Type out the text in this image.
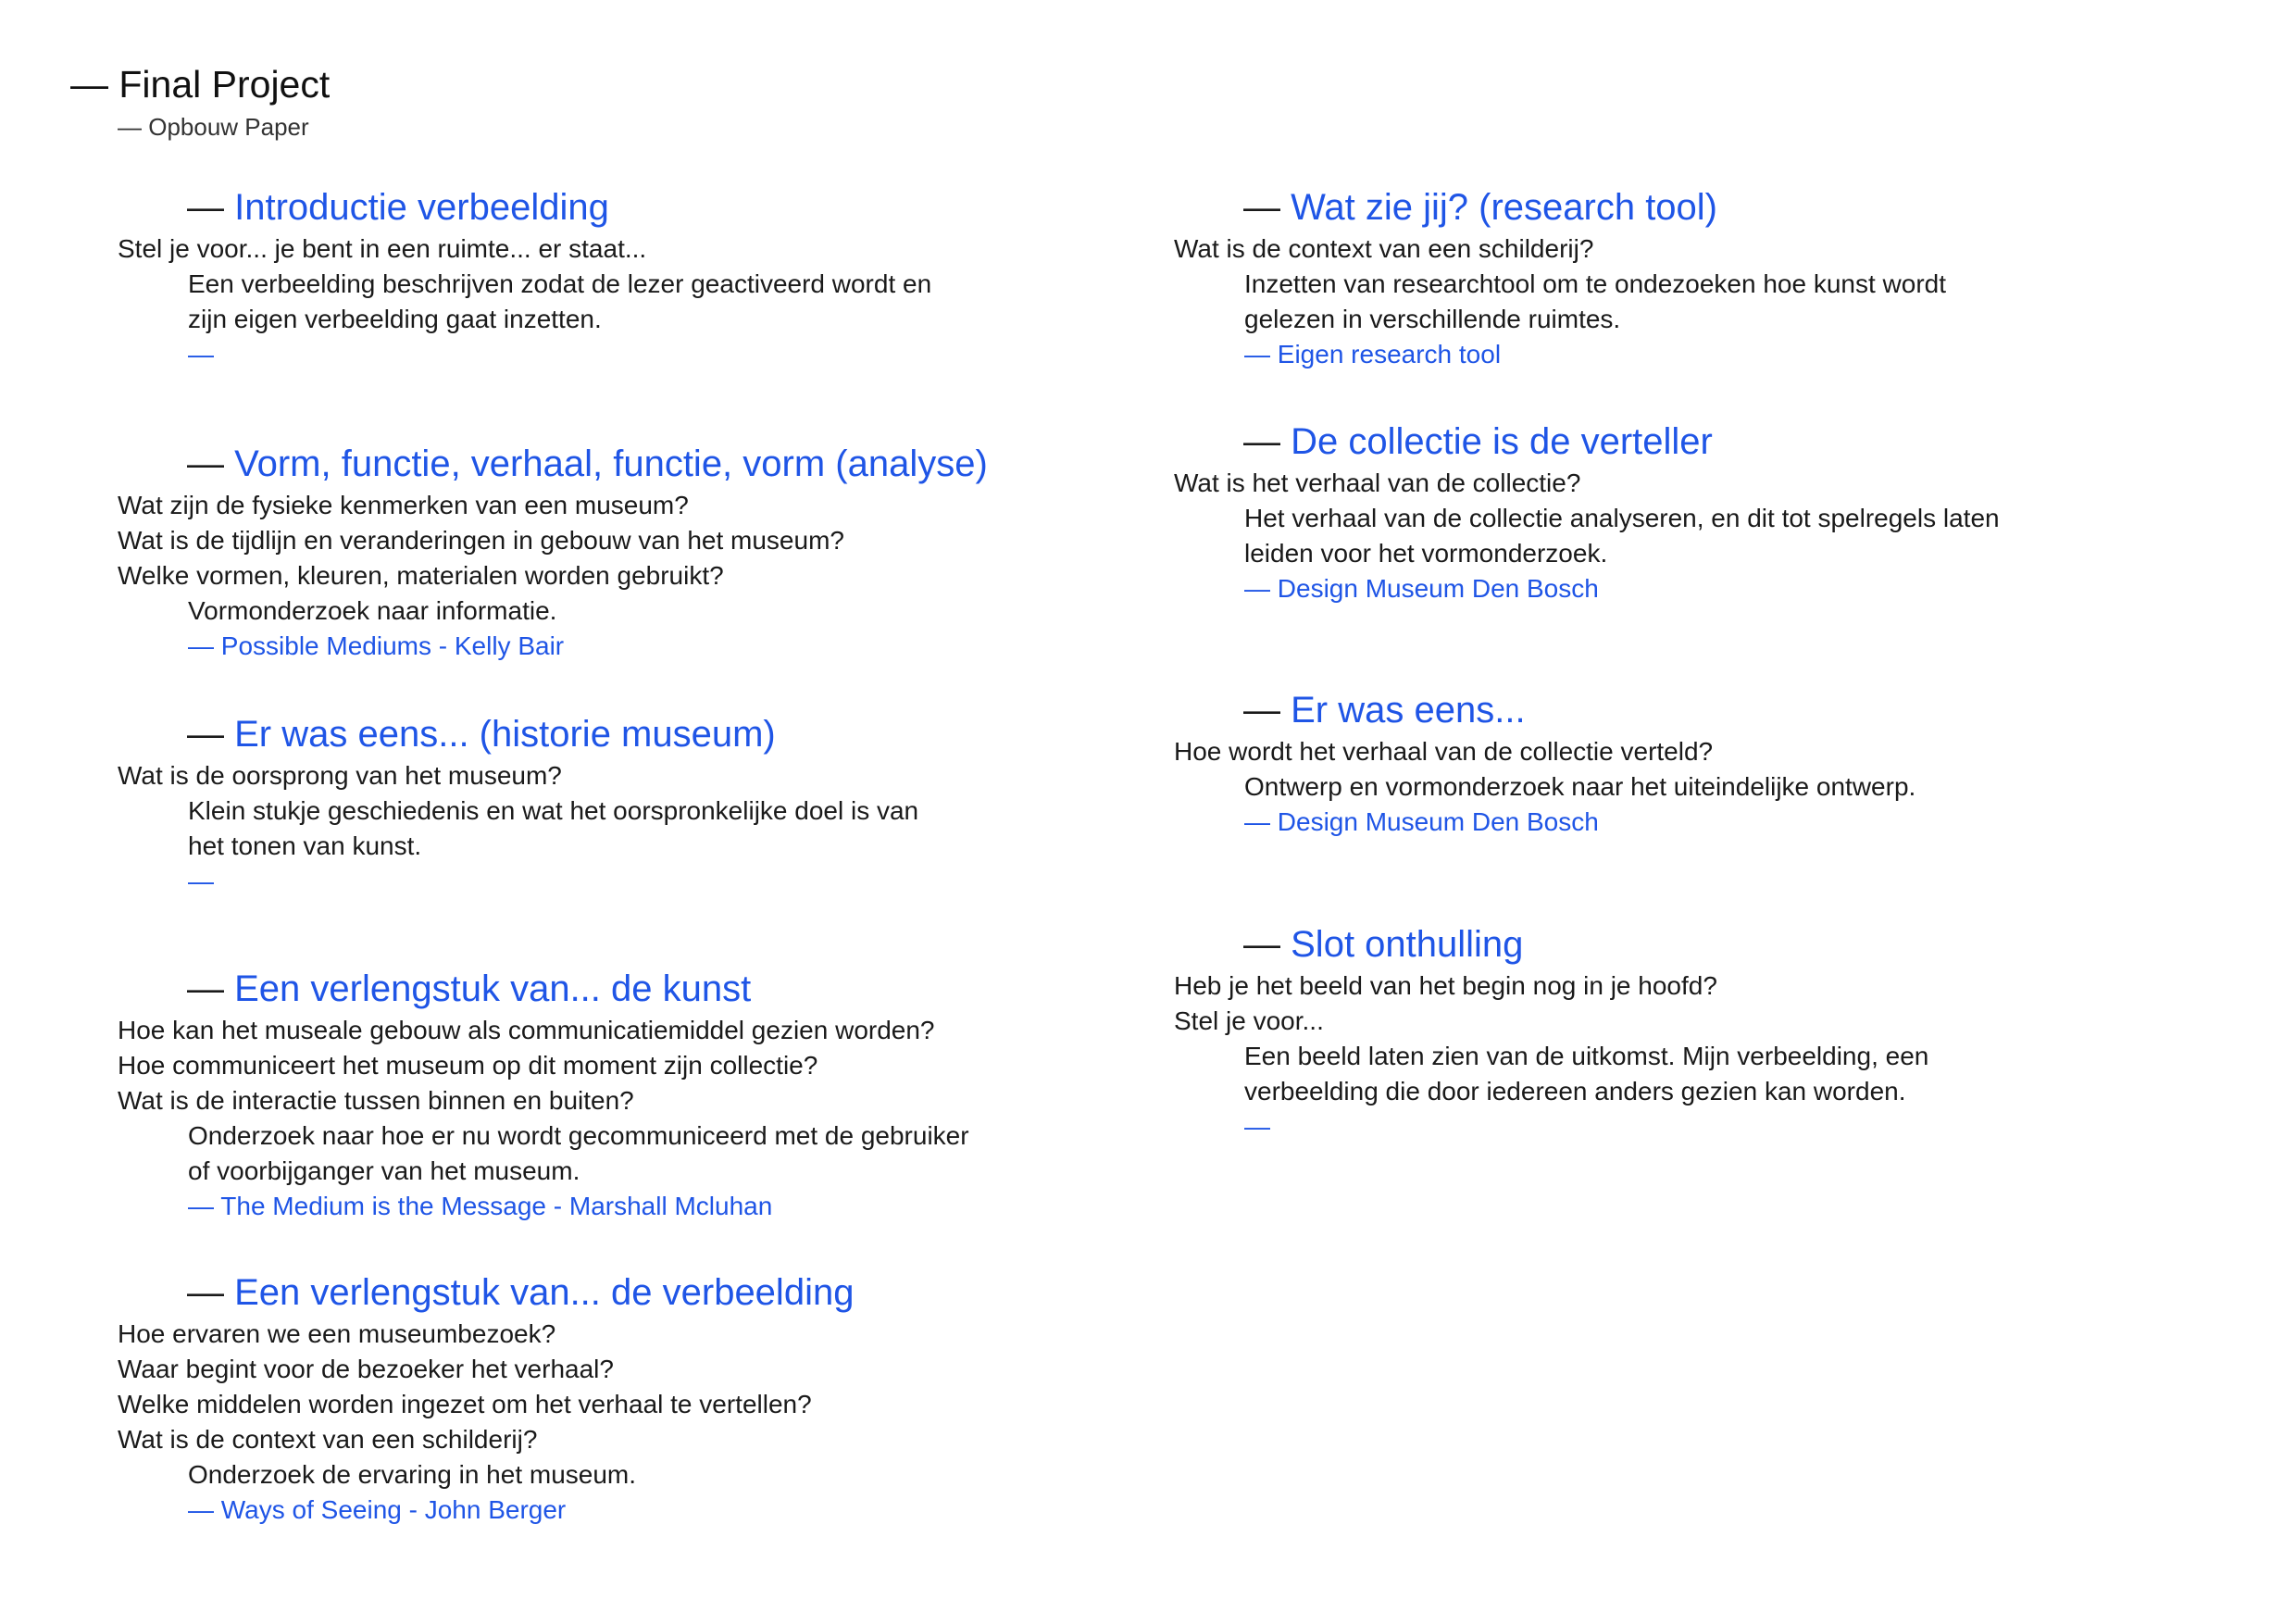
— Final Project
— Opbouw Paper
— Introductie verbeelding
Stel je voor... je bent in een ruimte... er staat...
Een verbeelding beschrijven zodat de lezer geactiveerd wordt en
zijn eigen verbeelding gaat inzetten.
—
— Vorm, functie, verhaal, functie, vorm (analyse)
Wat zijn de fysieke kenmerken van een museum?
Wat is de tijdlijn en veranderingen in gebouw van het museum?
Welke vormen, kleuren, materialen worden gebruikt?
Vormonderzoek naar informatie.
— Possible Mediums - Kelly Bair
— Er was eens... (historie museum)
Wat is de oorsprong van het museum?
Klein stukje geschiedenis en wat het oorspronkelijke doel is van
het tonen van kunst.
—
— Een verlengstuk van... de kunst
Hoe kan het museale gebouw als communicatiemiddel gezien worden?
Hoe communiceert het museum op dit moment zijn collectie?
Wat is de interactie tussen binnen en buiten?
Onderzoek naar hoe er nu wordt gecommuniceerd met de gebruiker
of voorbijganger van het museum.
— The Medium is the Message - Marshall Mcluhan
— Een verlengstuk van... de verbeelding
Hoe ervaren we een museumbezoek?
Waar begint voor de bezoeker het verhaal?
Welke middelen worden ingezet om het verhaal te vertellen?
Wat is de context van een schilderij?
Onderzoek de ervaring in het museum.
— Ways of Seeing - John Berger
— Wat zie jij? (research tool)
Wat is de context van een schilderij?
Inzetten van researchtool om te ondezoeken hoe kunst wordt
gelezen in verschillende ruimtes.
— Eigen research tool
— De collectie is de verteller
Wat is het verhaal van de collectie?
Het verhaal van de collectie analyseren, en dit tot spelregels laten
leiden voor het vormonderzoek.
— Design Museum Den Bosch
— Er was eens...
Hoe wordt het verhaal van de collectie verteld?
Ontwerp en vormonderzoek naar het uiteindelijke ontwerp.
— Design Museum Den Bosch
— Slot onthulling
Heb je het beeld van het begin nog in je hoofd?
Stel je voor...
Een beeld laten zien van de uitkomst. Mijn verbeelding, een
verbeelding die door iedereen anders gezien kan worden.
—
